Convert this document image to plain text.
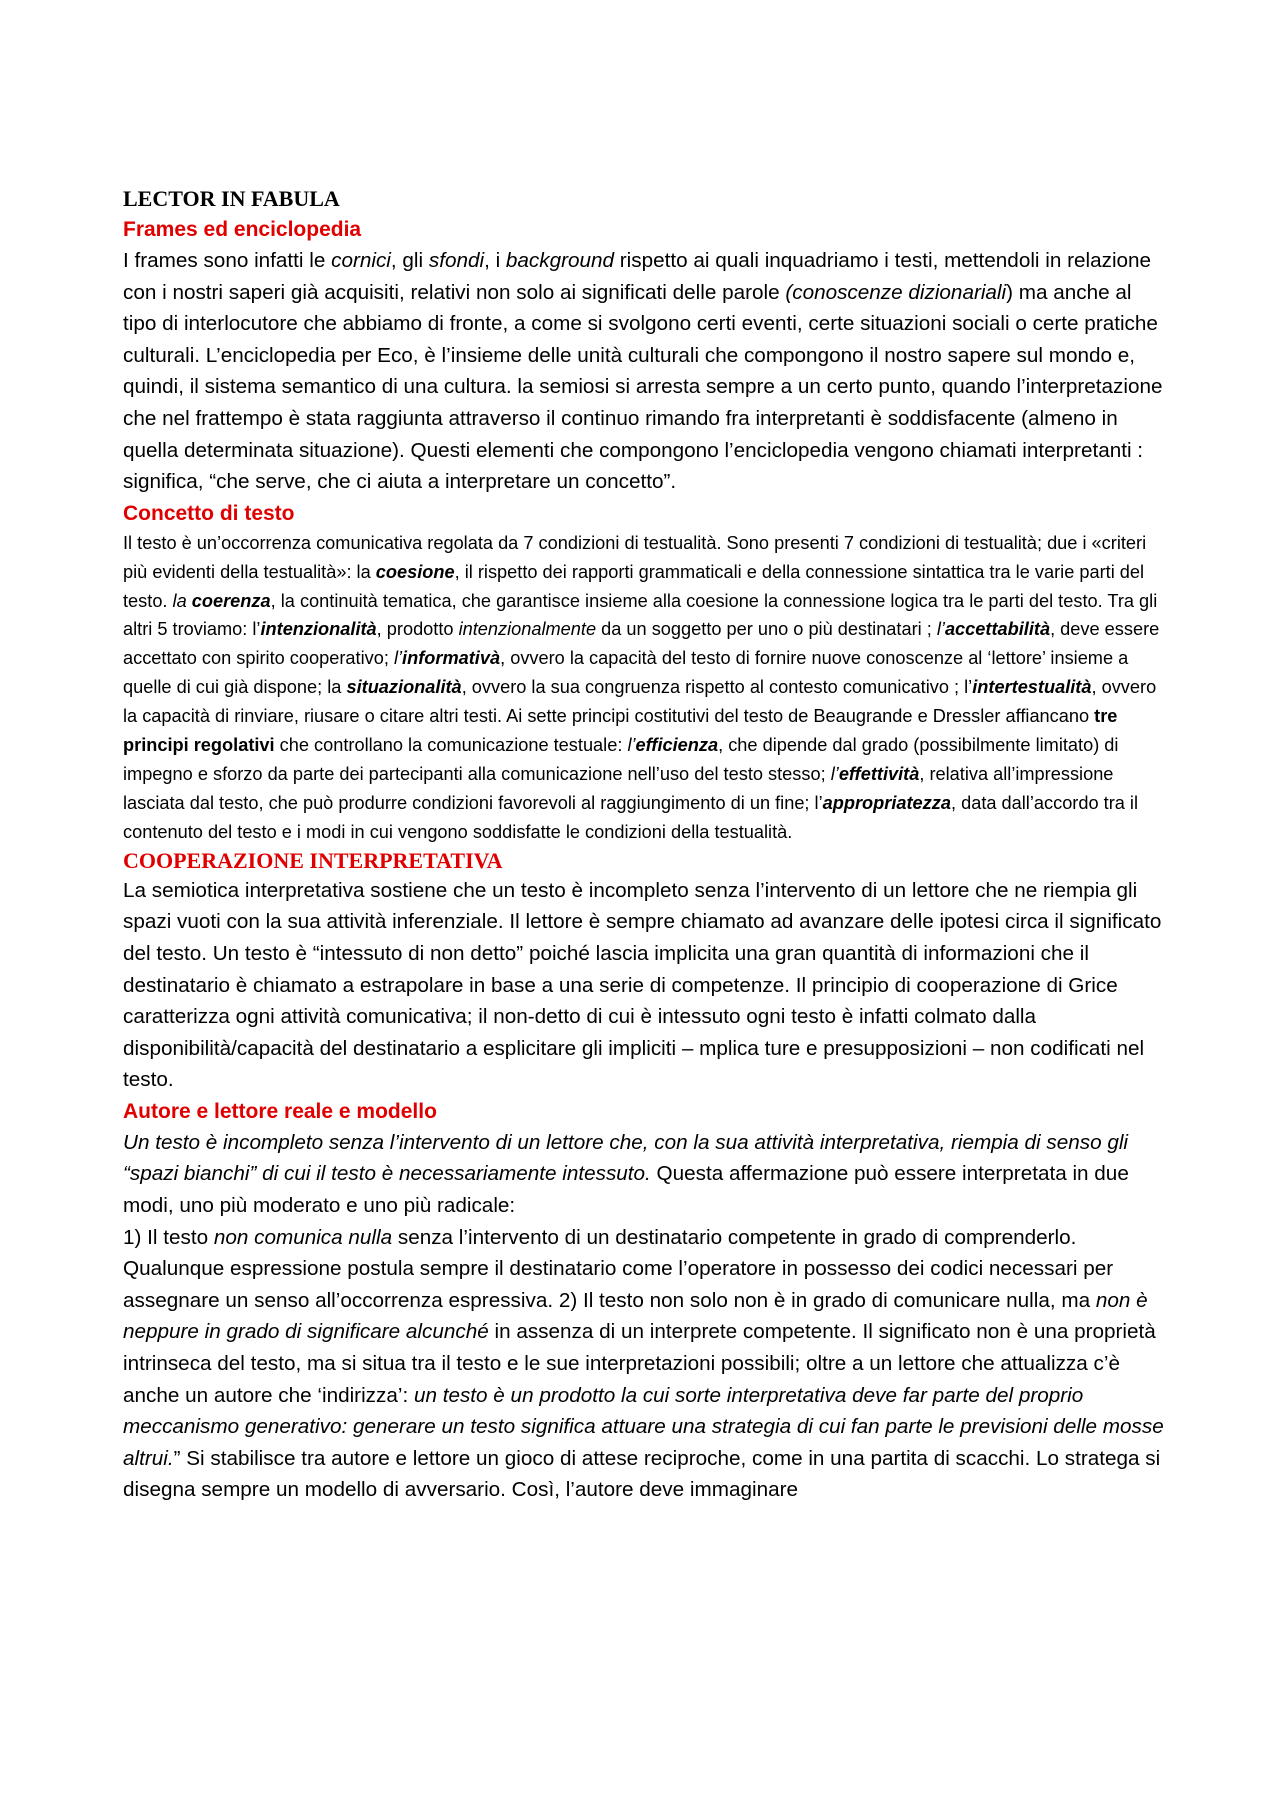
LECTOR IN FABULA
Frames ed enciclopedia

I frames sono infatti le cornici, gli sfondi, i background rispetto ai quali inquadriamo i testi, mettendoli in relazione con i nostri saperi già acquisiti, relativi non solo ai significati delle parole (conoscenze dizionariali) ma anche al tipo di interlocutore che abbiamo di fronte, a come si svolgono certi eventi, certe situazioni sociali o certe pratiche culturali. L’enciclopedia per Eco, è l’insieme delle unità culturali che compongono il nostro sapere sul mondo e, quindi, il sistema semantico di una cultura. la semiosi si arresta sempre a un certo punto, quando l’interpretazione che nel frattempo è stata raggiunta attraverso il continuo rimando fra interpretanti è soddisfacente (almeno in quella determinata situazione). Questi elementi che compongono l’enciclopedia vengono chiamati interpretanti : significa, “che serve, che ci aiuta a interpretare un concetto”.

Concetto di testo

Il testo è un’occorrenza comunicativa regolata da 7 condizioni di testualità. Sono presenti 7 condizioni di testualità; due i «criteri più evidenti della testualità»: la coesione, il rispetto dei rapporti grammaticali e della connessione sintattica tra le varie parti del testo. la coerenza, la continuità tematica, che garantisce insieme alla coesione la connessione logica tra le parti del testo. Tra gli altri 5 troviamo: l’intenzionalità, prodotto intenzionalmente da un soggetto per uno o più destinatari ; l’accettabilità, deve essere accettato con spirito cooperativo; l’informativà, ovvero la capacità del testo di fornire nuove conoscenze al ‘lettore’ insieme a quelle di cui già dispone; la situazionalità, ovvero la sua congruenza rispetto al contesto comunicativo ; l’intertestualità, ovvero la capacità di rinviare, riusare o citare altri testi. Ai sette principi costitutivi del testo de Beaugrande e Dressler affiancano tre principi regolativi che controllano la comunicazione testuale: l’efficienza, che dipende dal grado (possibilmente limitato) di impegno e sforzo da parte dei partecipanti alla comunicazione nell’uso del testo stesso; l’effettività, relativa all’impressione lasciata dal testo, che può produrre condizioni favorevoli al raggiungimento di un fine; l’appropriatezza, data dall’accordo tra il contenuto del testo e i modi in cui vengono soddisfatte le condizioni della testualità.

COOPERAZIONE INTERPRETATIVA

La semiotica interpretativa sostiene che un testo è incompleto senza l’intervento di un lettore che ne riempia gli spazi vuoti con la sua attività inferenziale. Il lettore è sempre chiamato ad avanzare delle ipotesi circa il significato del testo. Un testo è “intessuto di non detto” poiché lascia implicita una gran quantità di informazioni che il destinatario è chiamato a estrapolare in base a una serie di competenze. Il principio di cooperazione di Grice caratterizza ogni attività comunicativa; il non-detto di cui è intessuto ogni testo è infatti colmato dalla disponibilità/capacità del destinatario a esplicitare gli impliciti – mplica ture e presupposizioni – non codificati nel testo.

Autore e lettore reale e modello

Un testo è incompleto senza l’intervento di un lettore che, con la sua attività interpretativa, riempia di senso gli “spazi bianchi” di cui il testo è necessariamente intessuto. Questa affermazione può essere interpretata in due modi, uno più moderato e uno più radicale:
1) Il testo non comunica nulla senza l’intervento di un destinatario competente in grado di comprenderlo. Qualunque espressione postula sempre il destinatario come l’operatore in possesso dei codici necessari per assegnare un senso all’occorrenza espressiva. 2) Il testo non solo non è in grado di comunicare nulla, ma non è neppure in grado di significare alcunché in assenza di un interprete competente. Il significato non è una proprietà intrinseca del testo, ma si situa tra il testo e le sue interpretazioni possibili; oltre a un lettore che attualizza c’è anche un autore che ‘indirizza’: un testo è un prodotto la cui sorte interpretativa deve far parte del proprio meccanismo generativo: generare un testo significa attuare una strategia di cui fan parte le previsioni delle mosse altrui.” Si stabilisce tra autore e lettore un gioco di attese reciproche, come in una partita di scacchi. Lo stratega si disegna sempre un modello di avversario. Così, l’autore deve immaginare
